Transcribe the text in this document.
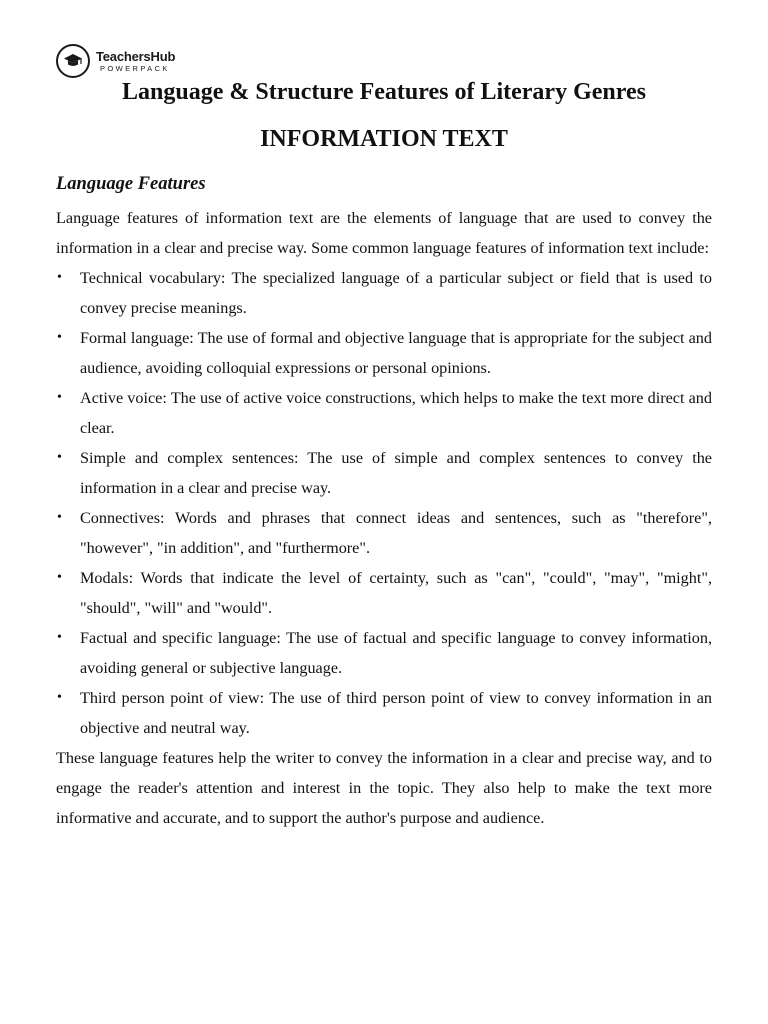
TeachersHub
POWERPACK
Language & Structure Features of Literary Genres
INFORMATION TEXT
Language Features

Language features of information text are the elements of language that are used to convey the information in a clear and precise way. Some common language features of information text include:

• Technical vocabulary: The specialized language of a particular subject or field that is used to convey precise meanings.
• Formal language: The use of formal and objective language that is appropriate for the subject and audience, avoiding colloquial expressions or personal opinions.
• Active voice: The use of active voice constructions, which helps to make the text more direct and clear.
• Simple and complex sentences: The use of simple and complex sentences to convey the information in a clear and precise way.
• Connectives: Words and phrases that connect ideas and sentences, such as "therefore", "however", "in addition", and "furthermore".
• Modals: Words that indicate the level of certainty, such as "can", "could", "may", "might", "should", "will" and "would".
• Factual and specific language: The use of factual and specific language to convey information, avoiding general or subjective language.
• Third person point of view: The use of third person point of view to convey information in an objective and neutral way.

These language features help the writer to convey the information in a clear and precise way, and to engage the reader's attention and interest in the topic. They also help to make the text more informative and accurate, and to support the author's purpose and audience.
